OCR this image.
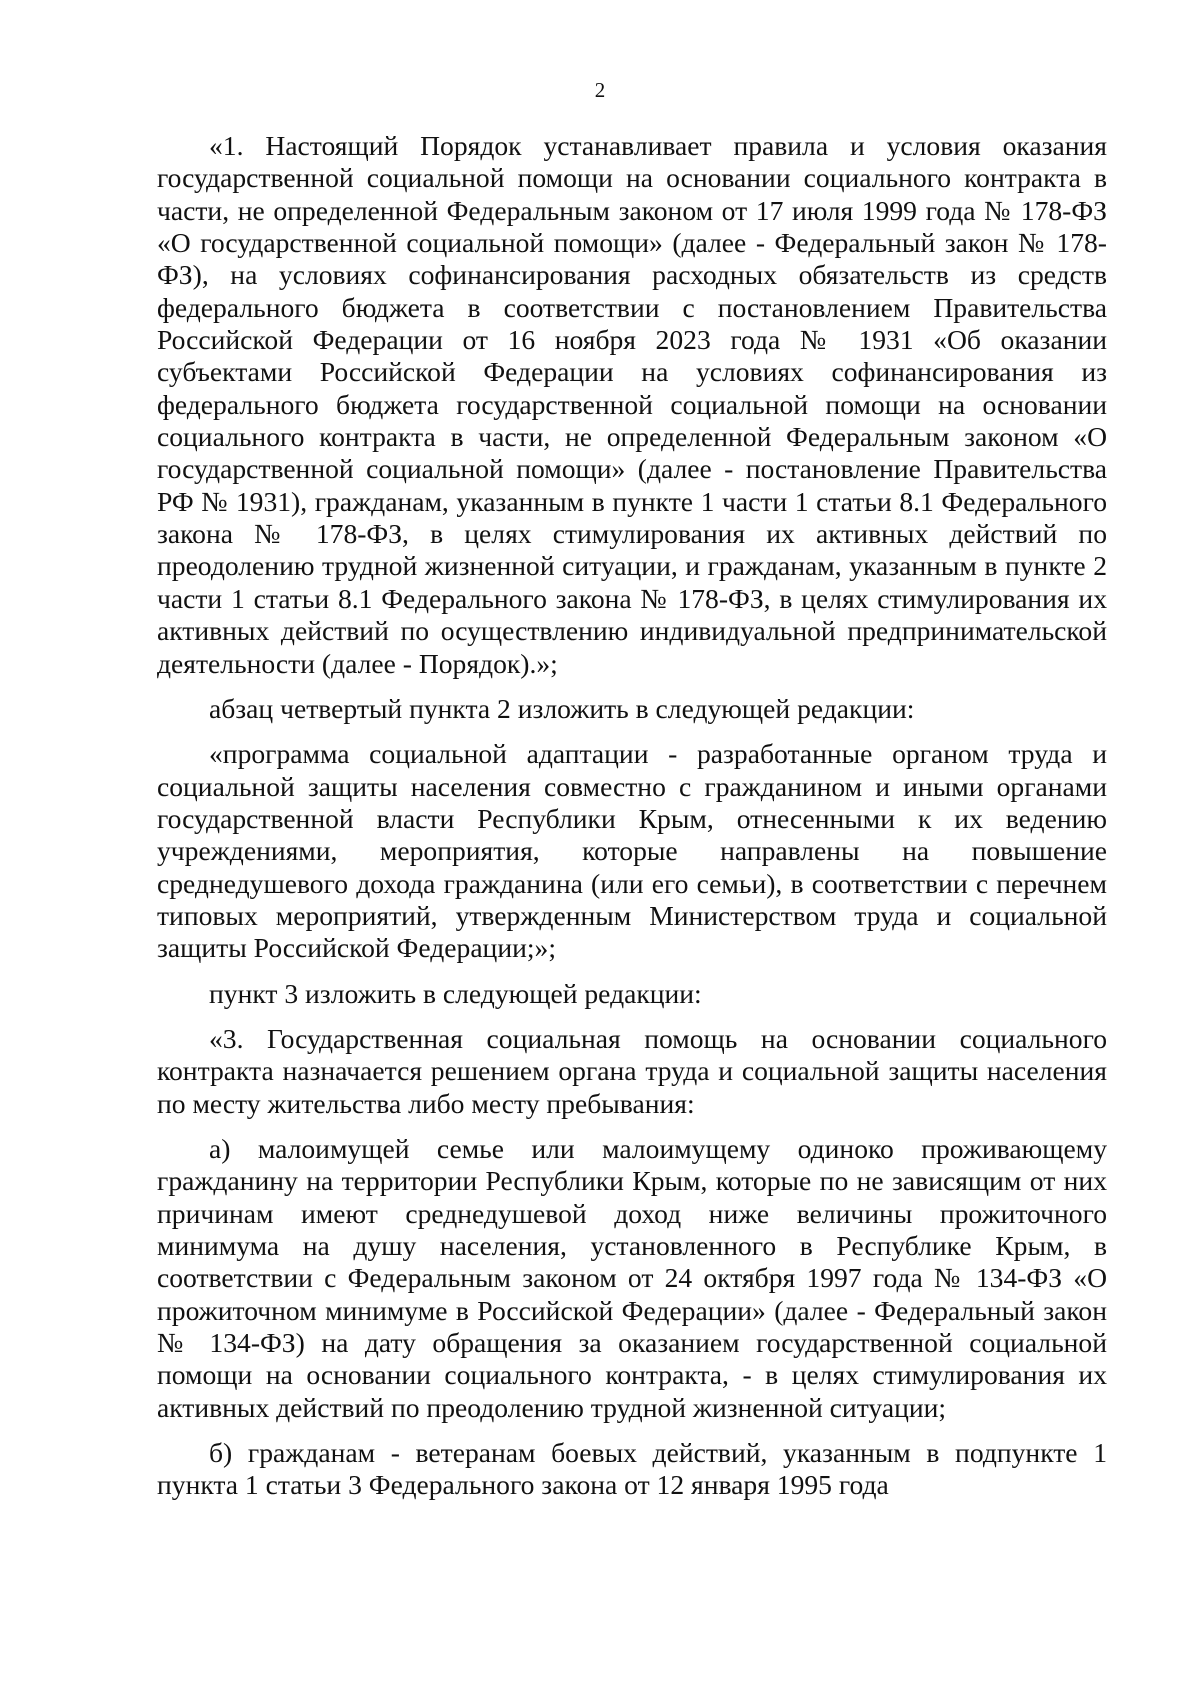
2

«1. Настоящий Порядок устанавливает правила и условия оказания государственной социальной помощи на основании социального контракта в части, не определенной Федеральным законом от 17 июля 1999 года № 178-ФЗ «О государственной социальной помощи» (далее - Федеральный закон № 178-ФЗ), на условиях софинансирования расходных обязательств из средств федерального бюджета в соответствии с постановлением Правительства Российской Федерации от 16 ноября 2023 года № 1931 «Об оказании субъектами Российской Федерации на условиях софинансирования из федерального бюджета государственной социальной помощи на основании социального контракта в части, не определенной Федеральным законом «О государственной социальной помощи» (далее - постановление Правительства РФ № 1931), гражданам, указанным в пункте 1 части 1 статьи 8.1 Федерального закона № 178-ФЗ, в целях стимулирования их активных действий по преодолению трудной жизненной ситуации, и гражданам, указанным в пункте 2 части 1 статьи 8.1 Федерального закона № 178-ФЗ, в целях стимулирования их активных действий по осуществлению индивидуальной предпринимательской деятельности (далее - Порядок).»;

абзац четвертый пункта 2 изложить в следующей редакции:

«программа социальной адаптации - разработанные органом труда и социальной защиты населения совместно с гражданином и иными органами государственной власти Республики Крым, отнесенными к их ведению учреждениями, мероприятия, которые направлены на повышение среднедушевого дохода гражданина (или его семьи), в соответствии с перечнем типовых мероприятий, утвержденным Министерством труда и социальной защиты Российской Федерации;»;

пункт 3 изложить в следующей редакции:

«3. Государственная социальная помощь на основании социального контракта назначается решением органа труда и социальной защиты населения по месту жительства либо месту пребывания:

а) малоимущей семье или малоимущему одиноко проживающему гражданину на территории Республики Крым, которые по не зависящим от них причинам имеют среднедушевой доход ниже величины прожиточного минимума на душу населения, установленного в Республике Крым, в соответствии с Федеральным законом от 24 октября 1997 года № 134-ФЗ «О прожиточном минимуме в Российской Федерации» (далее - Федеральный закон № 134-ФЗ) на дату обращения за оказанием государственной социальной помощи на основании социального контракта, - в целях стимулирования их активных действий по преодолению трудной жизненной ситуации;

б) гражданам - ветеранам боевых действий, указанным в подпункте 1 пункта 1 статьи 3 Федерального закона от 12 января 1995 года
